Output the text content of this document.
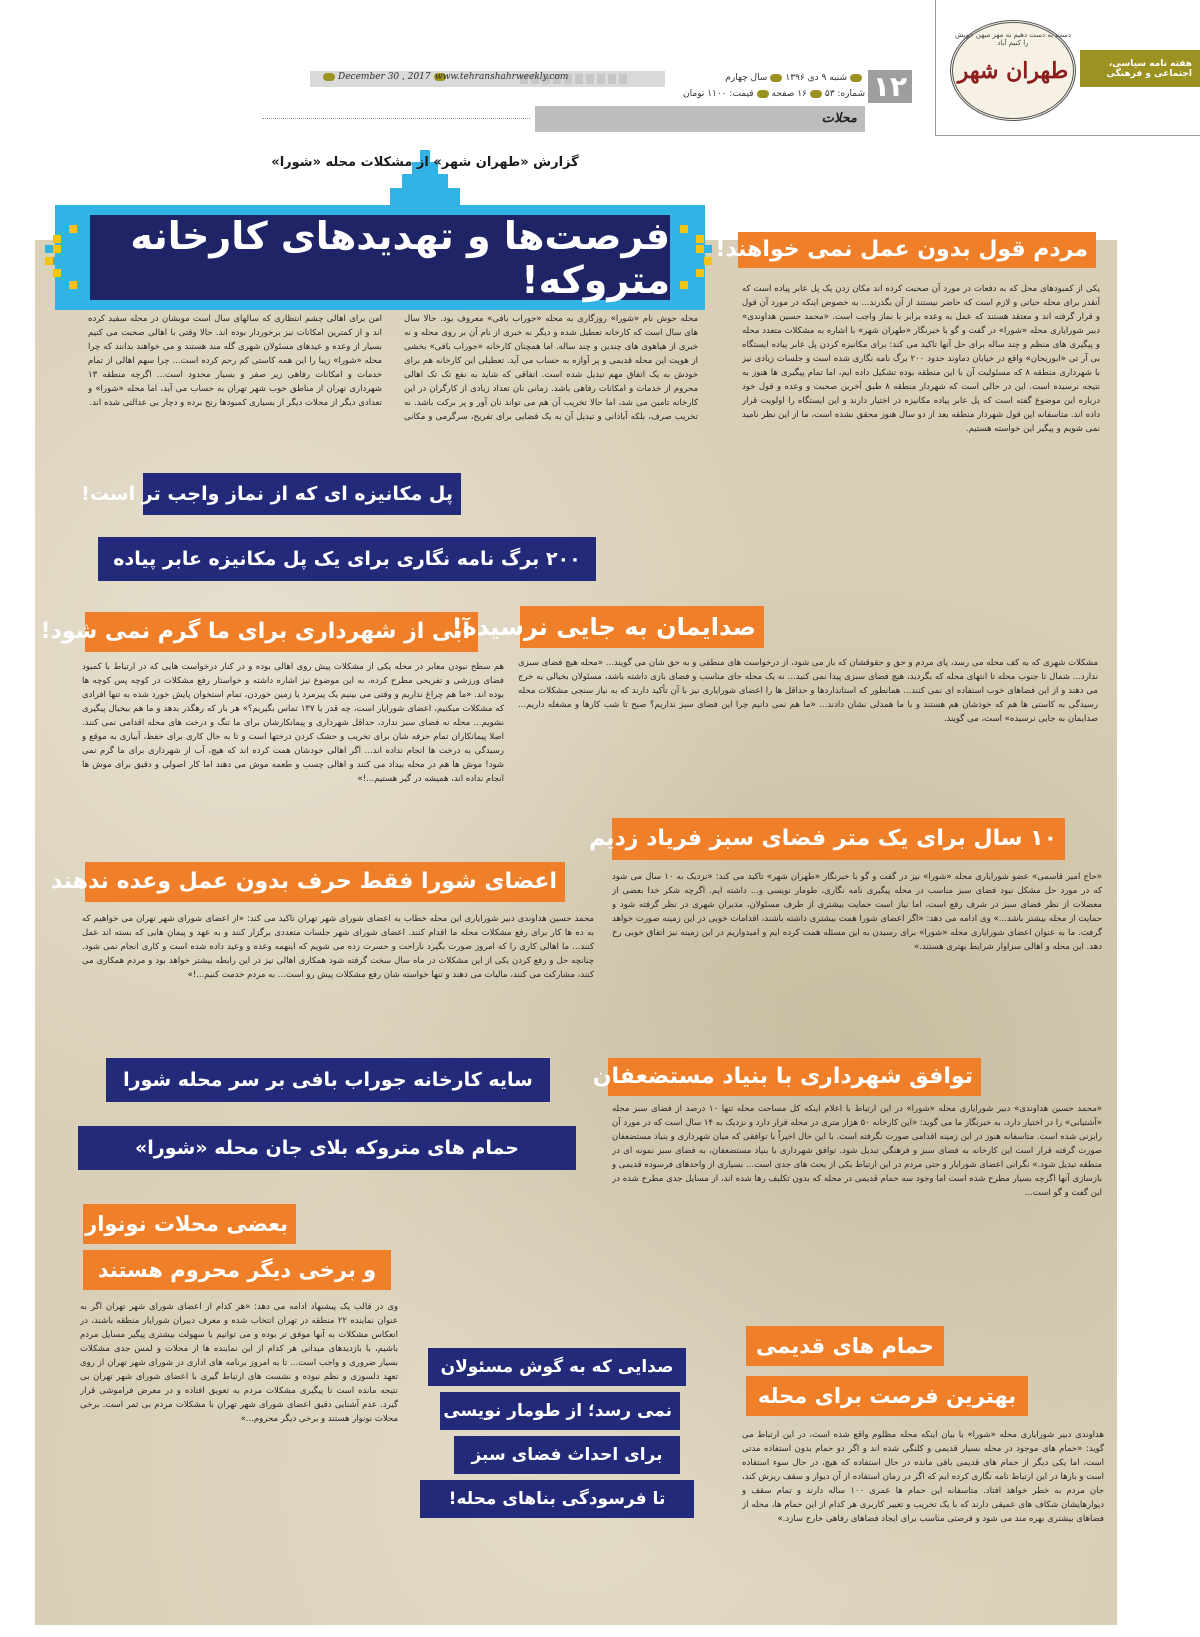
دست به دست دهیم به مهر میهن خویش را کنیم آباد
طهران شهر	هفته نامه سیاسی،
اجتماعی و فرهنگی
۱۲
December 30 , 2017 www.tehranshahrweekly.com	شنبه ۹ دی ۱۳۹۶سال چهارم
شماره: ۵۳۱۶ صفحهقیمت: ۱۱۰۰ تومان
محلات
گزارش «طهران شهر» از مشکلات محله «شورا»
فرصت‌ها و تهدیدهای کارخانه متروکه!
مردم قول بدون عمل نمی خواهند!
یکی از کمبودهای محل که به دفعات در مورد آن صحبت کرده اند مکان زدن یک پل عابر پیاده است که آنقدر برای محله حیاتی و لازم است که حاضر نیستند از آن بگذرند... به خصوص اینکه در مورد آن قول و قرار گرفته اند و معتقد هستند که عمل به وعده برابر با نماز واجب است. «محمد حسین هداوندی» دبیر شورایاری محله «شورا» در گفت و گو با خبرنگار «طهران شهر» با اشاره به مشکلات متعدد محله و پیگیری های منظم و چند ساله برای حل آنها تاکید می کند: برای مکانیزه کردن پل عابر پیاده ایستگاه بی آر تی «ابوریحان» واقع در خیابان دماوند حدود ۲۰۰ برگ نامه نگاری شده است و جلسات زیادی نیز با شهرداری منطقه ۸ که مسئولیت آن با این منطقه بوده تشکیل داده ایم، اما تمام پیگیری ها هنوز به نتیجه نرسیده است. این در حالی است که شهردار منطقه ۸ طبق آخرین صحبت و وعده و قول خود درباره این موضوع گفته است که پل عابر پیاده مکانیزه در اختیار دارند و این ایستگاه را اولویت قرار داده اند. متاسفانه این قول شهردار منطقه بعد از دو سال هنوز محقق نشده است، ما از این نظر نامید نمی شویم و پیگیر این خواسته هستیم.
محله حوش نام «شورا» روزگاری به محله «جوراب بافی» معروف بود. حالا سال های سال است که کارخانه تعطیل شده و دیگر نه خبری از نام آن بر روی محله و نه خبری از هیاهوی های چندین و چند ساله. اما همچنان کارخانه «جوراب بافی» بخشی از هویت این محله قدیمی و پر آوازه به حساب می آید. تعطیلی این کارخانه هم برای خودش به یک اتفاق مهم تبدیل شده است. اتفاقی که شاید به نفع تک تک اهالی محروم از خدمات و امکانات رفاهی باشد. زمانی نان تعداد زیادی از کارگران در این کارخانه تامین می شد، اما حالا تخریب آن هم می تواند نان آور و پر برکت باشد. نه تخریب صرف، بلکه آبادانی و تبدیل آن به یک فضایی برای تفریح، سرگرمی و مکانی امن برای اهالی چشم انتظاری که سالهای سال است موبشان در محله سفید کرده اند و از کمترین امکانات نیز برخوردار بوده اند. حالا وقتی با اهالی صحبت می کنیم بسیار از وعده و عیدهای مسئولان شهری گله مند هستند و می خواهند بدانند که چرا محله «شورا» زیبا را این همه کاستی کم رحم کرده است... چرا سهم اهالی از تمام خدمات و امکانات رفاهی زیر صفر و بسیار محدود است... اگرچه منطقه ۱۳ شهرداری تهران از مناطق خوب شهر تهران به حساب می آید، اما محله «شورا» و تعدادی دیگر از محلات دیگر از بسیاری کمبودها رنج برده و دچار بی عدالتی شده اند.
پل مکانیزه ای که از نماز واجب تر است!
۲۰۰ برگ نامه نگاری برای یک پل مکانیزه عابر پیاده
آبی از شهرداری برای ما گرم نمی شود!
هم سطح نبودن معابر در محله یکی از مشکلات پیش روی اهالی بوده و در کنار درخواست هایی که در ارتباط با کمبود فضای ورزشی و تفریحی مطرح کرده، به این موضوع نیز اشاره داشته و خواستار رفع مشکلات در کوچه پس کوچه ها بوده اند. «ما هم چراغ نداریم و وقتی می بینیم یک پیرمرد یا زمین خوردن، تمام استخوان پایش خورد شده به تنها افرادی که مشکلات میکنیم، اعضای شورایار است، چه قدر با ۱۳۷ تماس بگیریم؟» هر بار که رهگذر بدهد و ما هم بیخیال پیگیری نشویم... محله نه فضای سبز ندارد، حداقل شهرداری و پیمانکارشان برای ما تنگ و درخت های محله اقدامی نمی کنند. اصلا پیمانکاران تمام حرفه شان برای تخریب و حشک کردن درختها است و تا به حال کاری برای حفظ، آبیاری به موقع و رسیدگی به درخت ها انجام نداده اند... اگر اهالی خودشان همت کرده اند که هیچ، آب از شهرداری برای ما گرم نمی شود! موش ها هم در محله بیداد می کنند و اهالی چسب و طعمه موش می دهند اما کار اصولی و دقیق برای موش ها انجام نداده اند، همیشه در گیر هستیم...!»
صدایمان به جایی نرسیده!
مشکلات شهری که به کف محله می رسد، پای مردم و حق و حقوقشان که باز می شود، از درخواست های منطقی و به حق شان می گویند... «محله هیچ فضای سبزی ندارد... شمال تا جنوب محله تا انتهای محله که بگردید، هیچ فضای سبزی پیدا نمی کنید... نه یک محله جای مناسب و فضای بازی داشته باشد، مسئولان بخیالی به خرج می دهند و از این فضاهای خوب استفاده ای نمی کنند... همانطور که استانداردها و حداقل ها را اعضای شورایاری نیز با آن تأکید دارند که به نیاز سنجی مشکلات محله رسیدگی به کاستی ها هم که خودشان هم هستند و با ما همدلی نشان دادند... «ما هم نمی دانیم چرا این فضای سبز نداریم؟ صبح تا شب کارها و مشغله داریم... صدایمان به جایی نرسیده» است، می گویند.
۱۰ سال برای یک متر فضای سبز فریاد زدیم
«حاج امیر قاسمی» عضو شورایاری محله «شورا» نیز در گفت و گو با خبرنگار «طهران شهر» تاکید می کند: «نزدیک به ۱۰ سال می شود که در مورد حل مشکل نبود فضای سبز مناسب در محله پیگیری نامه نگاری، طومار نویسی و... داشته ایم. اگرچه شکر خدا بعضی از معضلات از نظر فضای سبز در شرف رفع است، اما نیاز است حمایت بیشتری از طرف مسئولان، مدیران شهری در نظر گرفته شود و حمایت از محله بیشتر باشد...» وی ادامه می دهد: «اگر اعضای شورا همت بیشتری داشته باشند، اقدامات خوبی در این زمینه صورت خواهد گرفت. ما به عنوان اعضای شورایاری محله «شورا» برای رسیدن به این مسئله همت کرده ایم و امیدواریم در این زمینه نیز اتفاق خوبی رخ دهد. این محله و اهالی سزاوار شرایط بهتری هستند.»
اعضای شورا فقط حرف بدون عمل وعده ندهند
محمد حسین هداوندی دبیر شورایاری این محله خطاب به اعضای شورای شهر تهران تاکید می کند: «از اعضای شورای شهر تهران می خواهیم که به ده ها کار برای رفع مشکلات محله ما اقدام کنند. اعضای شورای شهر جلسات متعددی برگزار کنند و به عهد و پیمان هایی که بسته اند عمل کنند... ما اهالی کاری را که امروز صورت بگیرد ناراحت و حسرت زده می شویم که اینهمه وعده و وعید داده شده است و کاری انجام نمی شود. چنانچه حل و رفع کردن یکی از این مشکلات در ماه سال سخت گرفته شود همکاری اهالی نیز در این رابطه بیشتر خواهد بود و مردم همکاری می کنند، مشارکت می کنند، مالیات می دهند و تنها خواسته شان رفع مشکلات پیش رو است... به مردم خدمت کنیم...!»
سایه کارخانه جوراب بافی بر سر محله شورا
حمام های متروکه بلای جان محله «شورا»
توافق شهرداری با بنیاد مستضعفان
«محمد حسین هداوندی» دبیر شورایاری محله «شورا» در این ارتباط با اعلام اینکه کل مساحت محله تنها ۱۰ درصد از فضای سبز محله «آشتیانی» را در اختیار دارد، به خبرنگار ما می گوید: «این کارخانه ۵۰ هزار متری در محله قرار دارد و نزدیک به ۱۴ سال است که در مورد آن رایزنی شده است. متاسفانه هنوز در این زمینه اقدامی صورت نگرفته است. با این حال اخیراً با توافقی که میان شهرداری و بنیاد مستضعفان صورت گرفته قرار است این کارخانه به فضای سبز و فرهنگی تبدیل شود. توافق شهرداری با بنیاد مستضعفان، به فضای سبز نمونه ای در منطقه تبدیل شود.» نگرانی اعضای شورایار و حتی مردم در این ارتباط یکی از بحث های جدی است... بسیاری از واحدهای فرسوده قدیمی و بازسازی آنها اگرچه بسیار مطرح شده است اما وجود سه حمام قدیمی در محله که بدون تکلیف رها شده اند، از مسایل جدی مطرح شده در این گفت و گو است...
بعضی محلات نونوار
و برخی دیگر محروم هستند
وی در قالب یک پیشنهاد ادامه می دهد: «هر کدام از اعضای شورای شهر تهران اگر به عنوان نماینده ۲۲ منطقه در تهران انتخاب شده و معرف دبیران شورایار منطقه باشند، در انعکاس مشکلات به آنها موفق تر بوده و می توانیم با سهولت بیشتری پیگیر مسایل مردم باشیم، با بازدیدهای میدانی هر کدام از این نماینده ها از محلات و لمس جدی مشکلات بسیار ضروری و واجب است... تا به امروز برنامه های اداری در شورای شهر تهران از روی تعهد دلسوزی و نظم نبوده و نشست های ارتباط گیری با اعضای شورای شهر تهران بی نتیجه مانده است تا پیگیری مشکلات مردم به تعویق افتاده و در معرض فراموشی قرار گیرد. عدم آشنایی دقیق اعضای شورای شهر تهران با مشکلات مردم بی ثمر است. برخی محلات نونوار هستند و برخی دیگر محروم...»
صدایی که به گوش مسئولان
نمی رسد؛ از طومار نویسی
برای احداث فضای سبز
تا فرسودگی بناهای محله!
حمام های قدیمی
بهترین فرصت برای محله
هداوندی دبیر شورایاری محله «شورا» با بیان اینکه محله مظلوم واقع شده است، در این ارتباط می گوید: «حمام های موجود در محله بسیار قدیمی و کلنگی شده اند و اگر دو حمام بدون استفاده مدتی است، اما یکی دیگر از حمام های قدیمی باقی مانده در حال استفاده که هیچ، در حال سوء استفاده است و بارها در این ارتباط نامه نگاری کرده ایم که اگر در زمان استفاده از آن دیوار و سقف ریزش کند، جان مردم به خطر خواهد افتاد. متاسفانه این حمام ها عمری ۱۰۰ ساله دارند و تمام سقف و دیوارهایشان شکاف های عمیقی دارند که با یک تخریب و تغییر کاربری هر کدام از این حمام ها، محله از فضاهای بیشتری بهره مند می شود و فرصتی مناسب برای ایجاد فضاهای رفاهی خارج سازد.»
